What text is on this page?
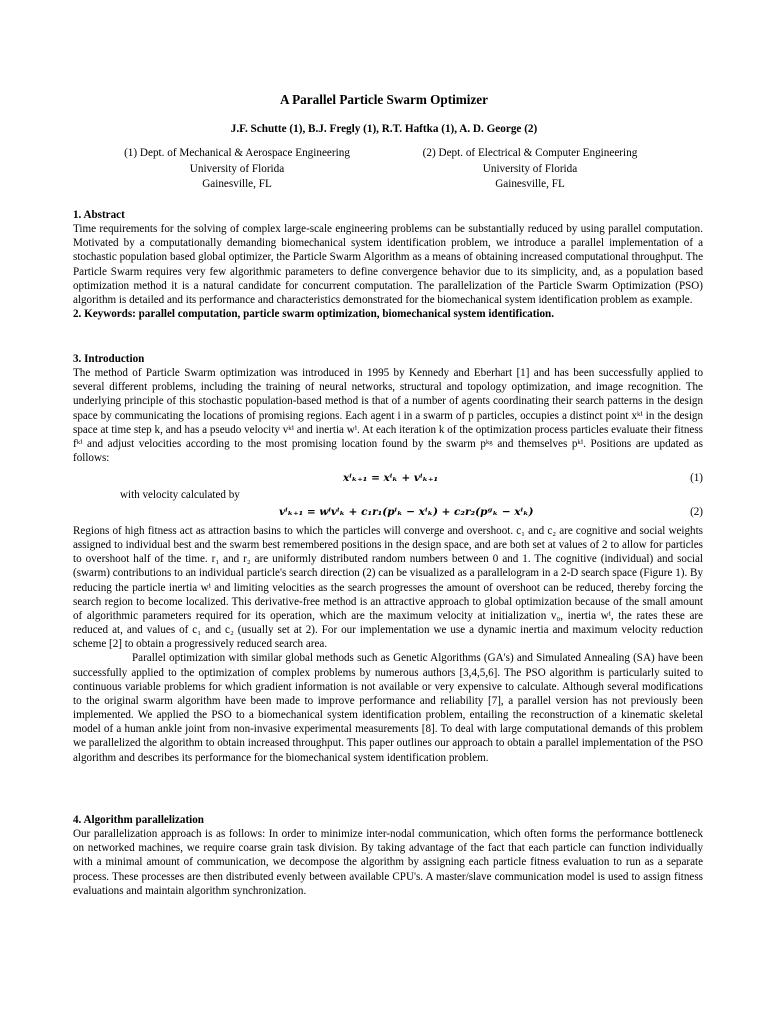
A Parallel Particle Swarm Optimizer
J.F. Schutte (1), B.J. Fregly (1), R.T. Haftka (1), A. D. George (2)
(1) Dept. of Mechanical & Aerospace Engineering
University of Florida
Gainesville, FL
(2) Dept. of Electrical & Computer Engineering
University of Florida
Gainesville, FL
1. Abstract

Time requirements for the solving of complex large-scale engineering problems can be substantially reduced by using parallel computation. Motivated by a computationally demanding biomechanical system identification problem, we introduce a parallel implementation of a stochastic population based global optimizer, the Particle Swarm Algorithm as a means of obtaining increased computational throughput. The Particle Swarm requires very few algorithmic parameters to define convergence behavior due to its simplicity, and, as a population based optimization method it is a natural candidate for concurrent computation. The parallelization of the Particle Swarm Optimization (PSO) algorithm is detailed and its performance and characteristics demonstrated for the biomechanical system identification problem as example.

2. Keywords: parallel computation, particle swarm optimization, biomechanical system identification.
3. Introduction

The method of Particle Swarm optimization was introduced in 1995 by Kennedy and Eberhart [1] and has been successfully applied to several different problems, including the training of neural networks, structural and topology optimization, and image recognition. The underlying principle of this stochastic population-based method is that of a number of agents coordinating their search patterns in the design space by communicating the locations of promising regions. Each agent i in a swarm of p particles, occupies a distinct point xᵏⁱ in the design space at time step k, and has a pseudo velocity vᵏⁱ and inertia wⁱ. At each iteration k of the optimization process particles evaluate their fitness fᵏⁱ and adjust velocities according to the most promising location found by the swarm pᵏᵍ and themselves pᵏⁱ. Positions are updated as follows:

xⁱₖ₊₁ = xⁱₖ + vⁱₖ₊₁	(1)
with velocity calculated by
vⁱₖ₊₁ = wⁱvⁱₖ + c₁r₁(pⁱₖ − xⁱₖ) + c₂r₂(pᵍₖ − xⁱₖ)	(2)

Regions of high fitness act as attraction basins to which the particles will converge and overshoot. c₁ and c₂ are cognitive and social weights assigned to individual best and the swarm best remembered positions in the design space, and are both set at values of 2 to allow for particles to overshoot half of the time. r₁ and r₂ are uniformly distributed random numbers between 0 and 1. The cognitive (individual) and social (swarm) contributions to an individual particle's search direction (2) can be visualized as a parallelogram in a 2-D search space (Figure 1). By reducing the particle inertia wⁱ and limiting velocities as the search progresses the amount of overshoot can be reduced, thereby forcing the search region to become localized. This derivative-free method is an attractive approach to global optimization because of the small amount of algorithmic parameters required for its operation, which are the maximum velocity at initialization v₀, inertia wⁱ, the rates these are reduced at, and values of c₁ and c₂ (usually set at 2). For our implementation we use a dynamic inertia and maximum velocity reduction scheme [2] to obtain a progressively reduced search area.

Parallel optimization with similar global methods such as Genetic Algorithms (GA's) and Simulated Annealing (SA) have been successfully applied to the optimization of complex problems by numerous authors [3,4,5,6]. The PSO algorithm is particularly suited to continuous variable problems for which gradient information is not available or very expensive to calculate. Although several modifications to the original swarm algorithm have been made to improve performance and reliability [7], a parallel version has not previously been implemented. We applied the PSO to a biomechanical system identification problem, entailing the reconstruction of a kinematic skeletal model of a human ankle joint from non-invasive experimental measurements [8]. To deal with large computational demands of this problem we parallelized the algorithm to obtain increased throughput. This paper outlines our approach to obtain a parallel implementation of the PSO algorithm and describes its performance for the biomechanical system identification problem.

4. Algorithm parallelization

Our parallelization approach is as follows: In order to minimize inter-nodal communication, which often forms the performance bottleneck on networked machines, we require coarse grain task division. By taking advantage of the fact that each particle can function individually with a minimal amount of communication, we decompose the algorithm by assigning each particle fitness evaluation to run as a separate process. These processes are then distributed evenly between available CPU's. A master/slave communication model is used to assign fitness evaluations and maintain algorithm synchronization.
